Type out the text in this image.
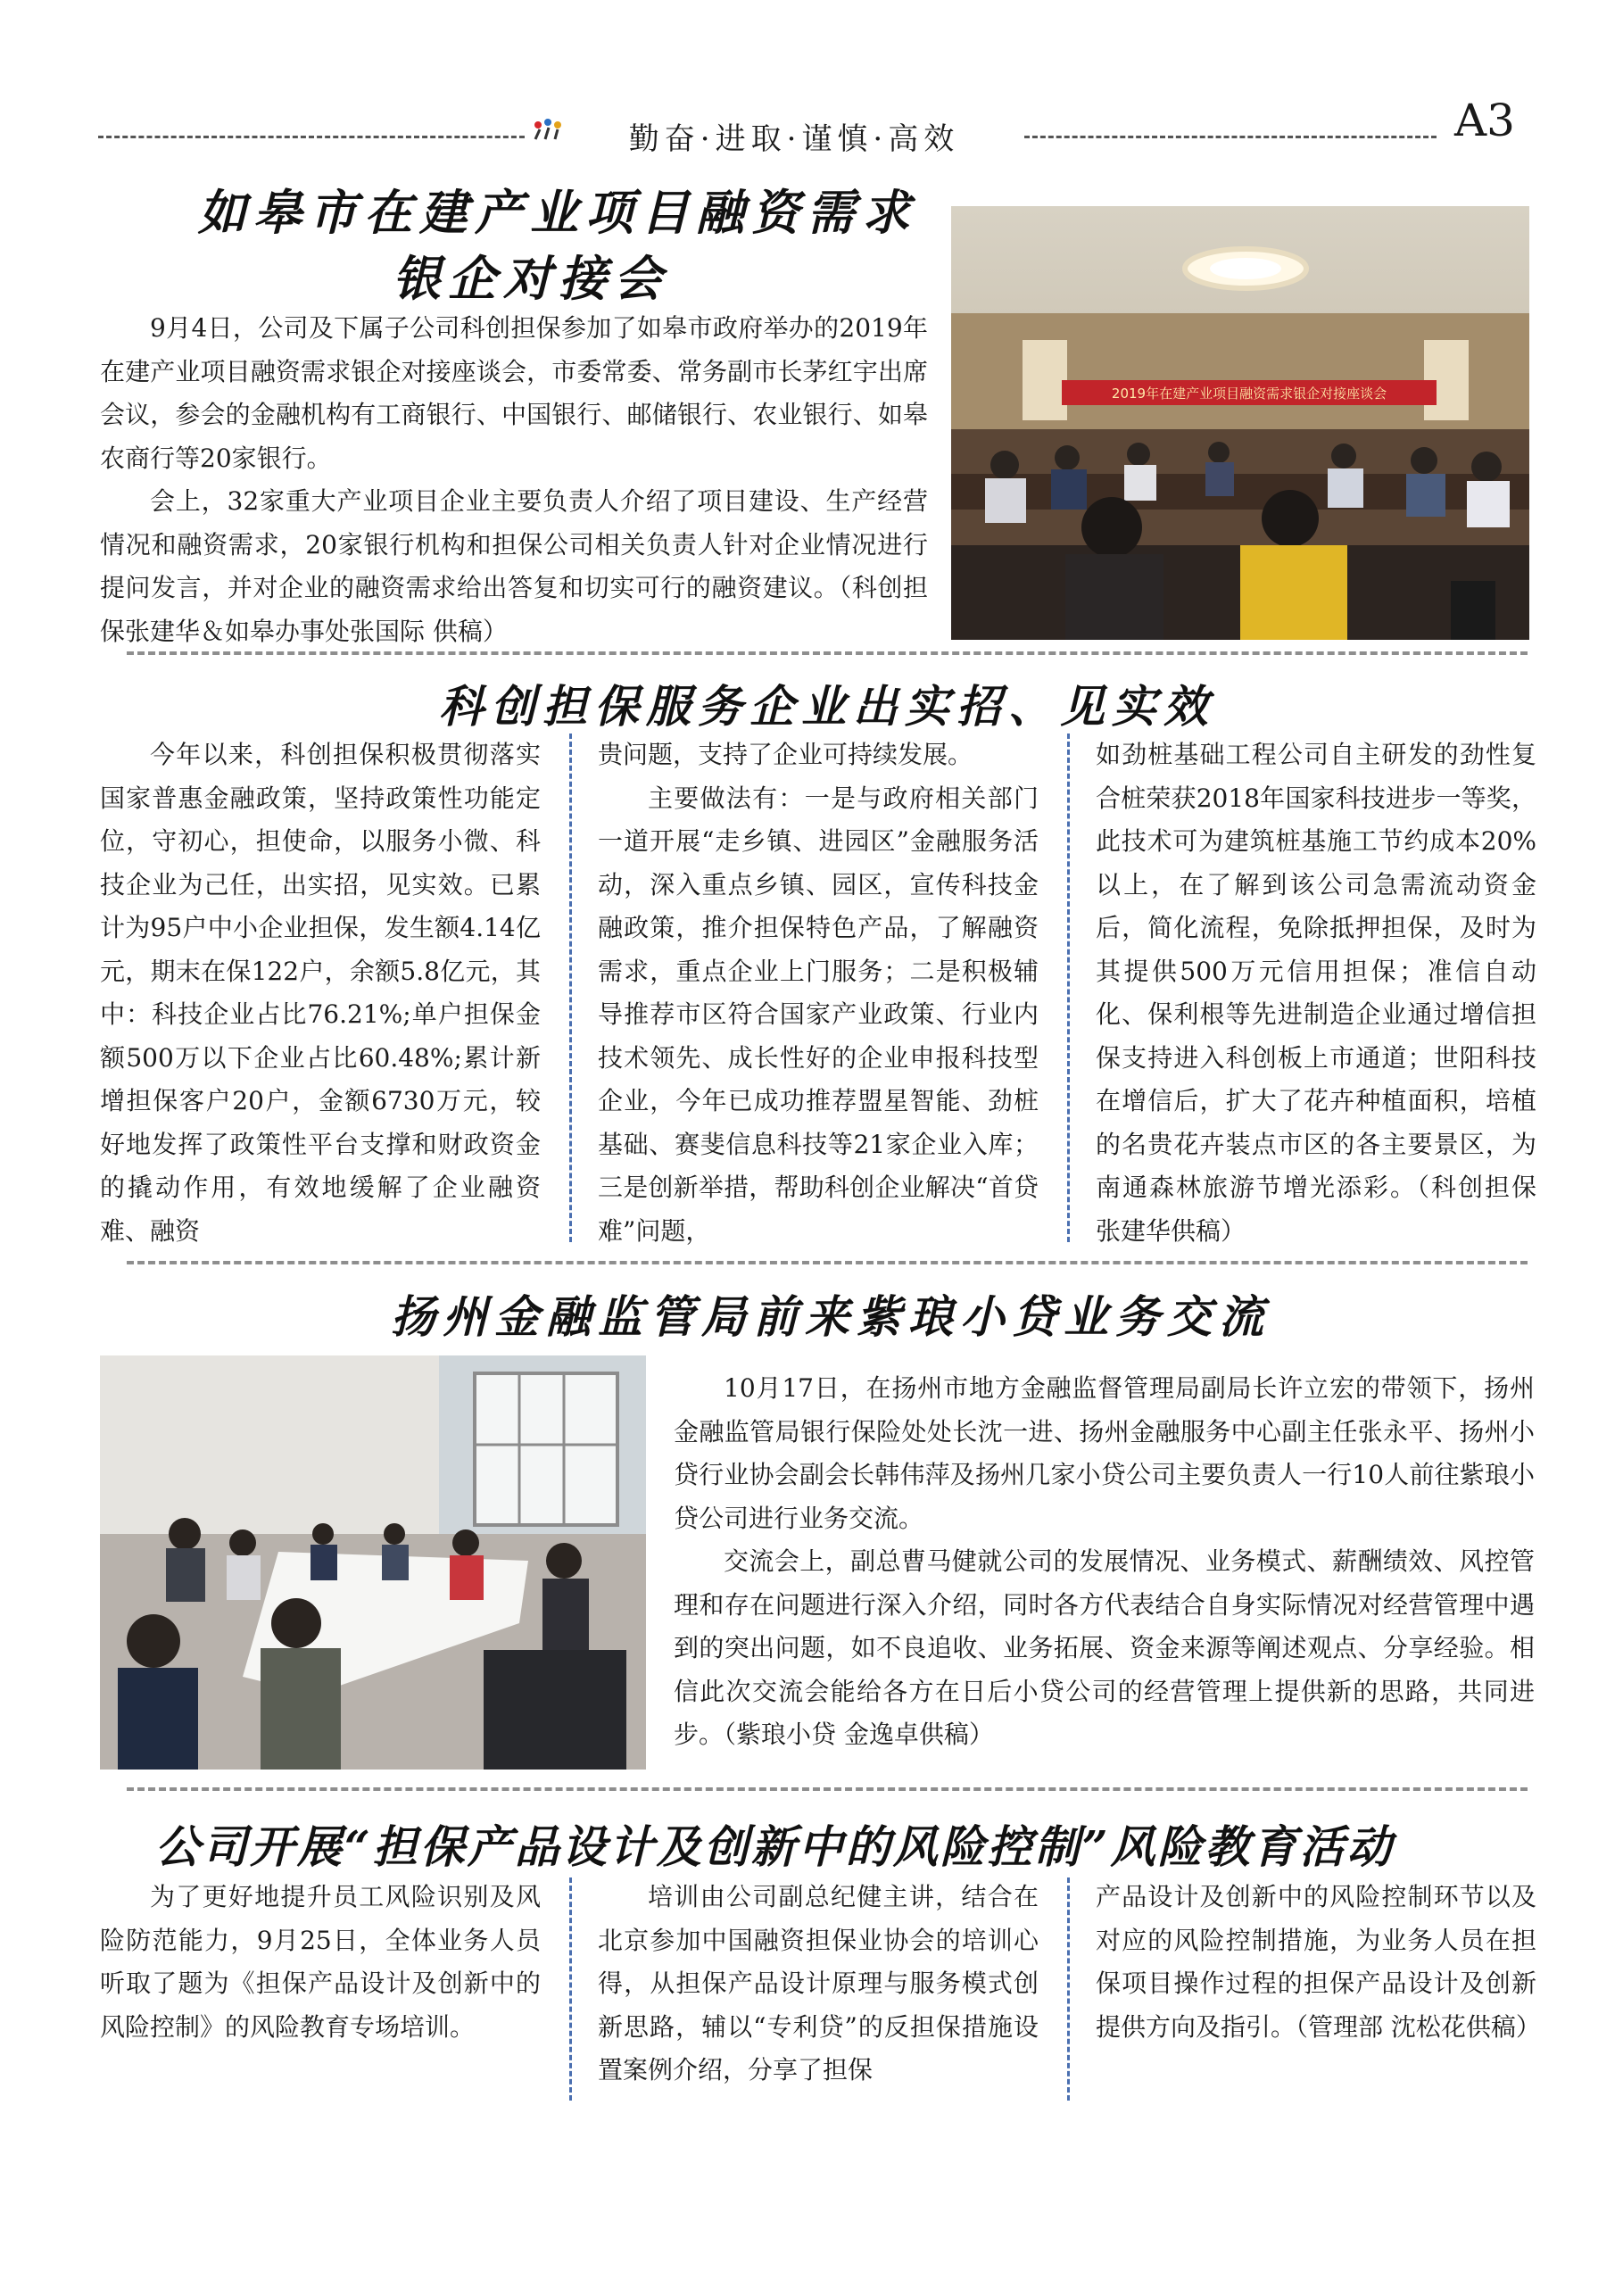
勤奋·进取·谨慎·高效	A3
如皋市在建产业项目融资需求
银企对接会

9月4日，公司及下属子公司科创担保参加了如皋市政府举办的2019年在建产业项目融资需求银企对接座谈会，市委常委、常务副市长茅红宇出席会议，参会的金融机构有工商银行、中国银行、邮储银行、农业银行、如皋农商行等20家银行。

会上，32家重大产业项目企业主要负责人介绍了项目建设、生产经营情况和融资需求，20家银行机构和担保公司相关负责人针对企业情况进行提问发言，并对企业的融资需求给出答复和切实可行的融资建议。（科创担保张建华＆如皋办事处张国际 供稿）

2019年在建产业项目融资需求银企对接座谈会
科创担保服务企业出实招、见实效

今年以来，科创担保积极贯彻落实国家普惠金融政策，坚持政策性功能定位，守初心，担使命，以服务小微、科技企业为己任，出实招，见实效。已累计为95户中小企业担保，发生额4.14亿元，期末在保122户，余额5.8亿元，其中：科技企业占比76.21%;单户担保金额500万以下企业占比60.48%;累计新增担保客户20户，金额6730万元，较好地发挥了政策性平台支撑和财政资金的撬动作用，有效地缓解了企业融资难、融资

贵问题，支持了企业可持续发展。

主要做法有：一是与政府相关部门一道开展“走乡镇、进园区”金融服务活动，深入重点乡镇、园区，宣传科技金融政策，推介担保特色产品，了解融资需求，重点企业上门服务；二是积极辅导推荐市区符合国家产业政策、行业内技术领先、成长性好的企业申报科技型企业，今年已成功推荐盟星智能、劲桩基础、赛斐信息科技等21家企业入库；三是创新举措，帮助科创企业解决“首贷难”问题，

如劲桩基础工程公司自主研发的劲性复合桩荣获2018年国家科技进步一等奖，此技术可为建筑桩基施工节约成本20%以上，在了解到该公司急需流动资金后，简化流程，免除抵押担保，及时为其提供500万元信用担保；准信自动化、保利根等先进制造企业通过增信担保支持进入科创板上市通道；世阳科技在增信后，扩大了花卉种植面积，培植的名贵花卉装点市区的各主要景区，为南通森林旅游节增光添彩。（科创担保 张建华供稿）

扬州金融监管局前来紫琅小贷业务交流

10月17日，在扬州市地方金融监督管理局副局长许立宏的带领下，扬州金融监管局银行保险处处长沈一进、扬州金融服务中心副主任张永平、扬州小贷行业协会副会长韩伟萍及扬州几家小贷公司主要负责人一行10人前往紫琅小贷公司进行业务交流。

交流会上，副总曹马健就公司的发展情况、业务模式、薪酬绩效、风控管理和存在问题进行深入介绍，同时各方代表结合自身实际情况对经营管理中遇到的突出问题，如不良追收、业务拓展、资金来源等阐述观点、分享经验。相信此次交流会能给各方在日后小贷公司的经营管理上提供新的思路，共同进步。（紫琅小贷 金逸卓供稿）

公司开展“担保产品设计及创新中的风险控制”风险教育活动

为了更好地提升员工风险识别及风险防范能力，9月25日，全体业务人员听取了题为《担保产品设计及创新中的风险控制》的风险教育专场培训。

培训由公司副总纪健主讲，结合在北京参加中国融资担保业协会的培训心得，从担保产品设计原理与服务模式创新思路，辅以“专利贷”的反担保措施设置案例介绍，分享了担保

产品设计及创新中的风险控制环节以及对应的风险控制措施，为业务人员在担保项目操作过程的担保产品设计及创新提供方向及指引。（管理部 沈松花供稿）
